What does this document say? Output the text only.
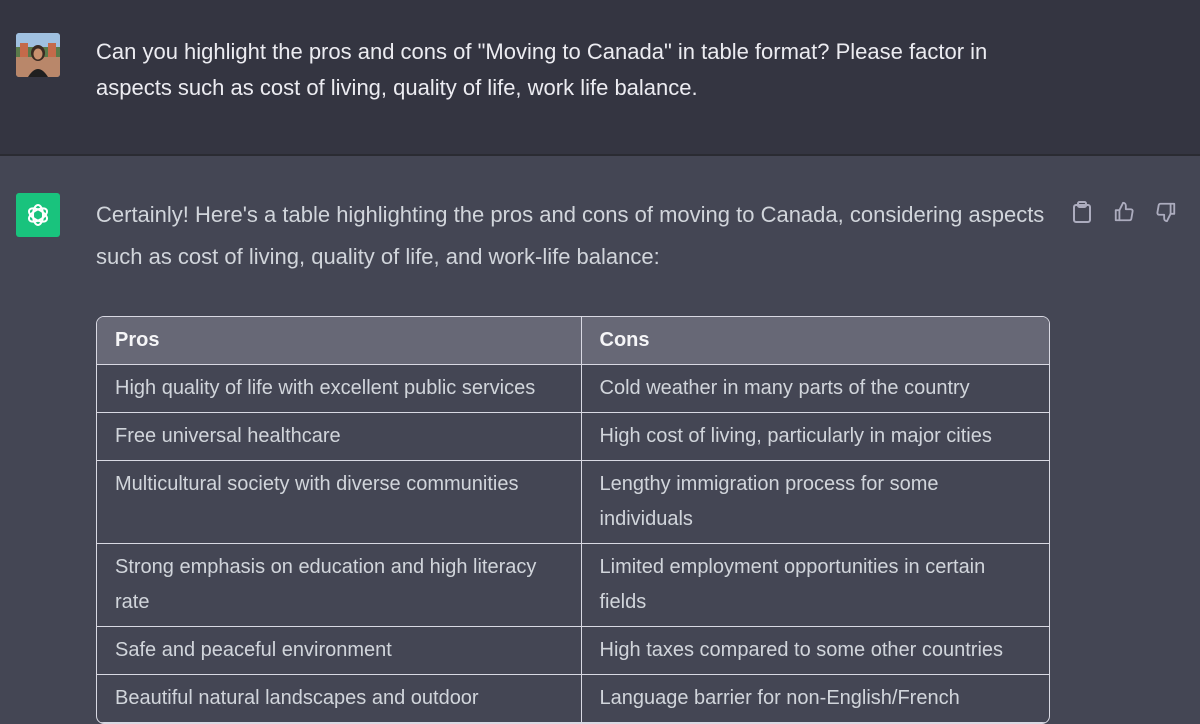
Can you highlight the pros and cons of "Moving to Canada" in table format? Please factor in aspects such as cost of living, quality of life, work life balance.
Certainly! Here's a table highlighting the pros and cons of moving to Canada, considering aspects such as cost of living, quality of life, and work-life balance:
Pros	Cons
High quality of life with excellent public services	Cold weather in many parts of the country
Free universal healthcare	High cost of living, particularly in major cities
Multicultural society with diverse communities	Lengthy immigration process for some individuals
Strong emphasis on education and high literacy rate	Limited employment opportunities in certain fields
Safe and peaceful environment	High taxes compared to some other countries
Beautiful natural landscapes and outdoor	Language barrier for non-English/French
